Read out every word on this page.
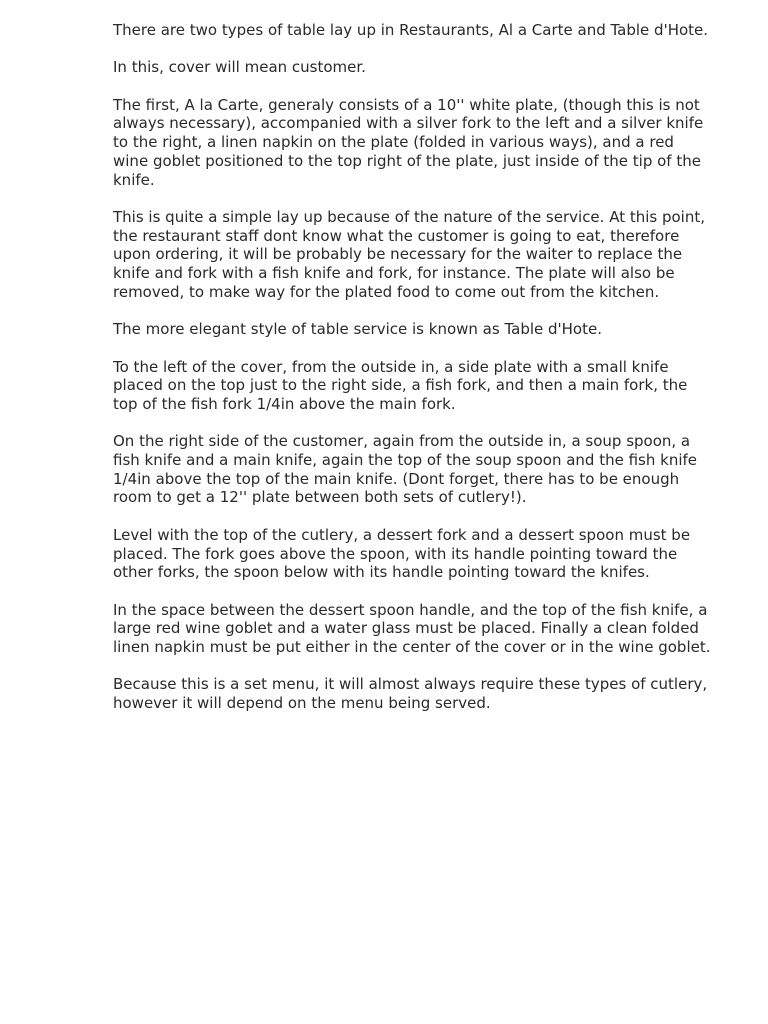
There are two types of table lay up in Restaurants, Al a Carte and Table d'Hote.

In this, cover will mean customer.

The first, A la Carte, generaly consists of a 10'' white plate, (though this is not always necessary), accompanied with a silver fork to the left and a silver knife to the right, a linen napkin on the plate (folded in various ways), and a red wine goblet positioned to the top right of the plate, just inside of the tip of the knife.

This is quite a simple lay up because of the nature of the service. At this point, the restaurant staff dont know what the customer is going to eat, therefore upon ordering, it will be probably be necessary for the waiter to replace the knife and fork with a fish knife and fork, for instance. The plate will also be removed, to make way for the plated food to come out from the kitchen.

The more elegant style of table service is known as Table d'Hote.

To the left of the cover, from the outside in, a side plate with a small knife placed on the top just to the right side, a fish fork, and then a main fork, the top of the fish fork 1/4in above the main fork.

On the right side of the customer, again from the outside in, a soup spoon, a fish knife and a main knife, again the top of the soup spoon and the fish knife 1/4in above the top of the main knife. (Dont forget, there has to be enough room to get a 12'' plate between both sets of cutlery!).

Level with the top of the cutlery, a dessert fork and a dessert spoon must be placed. The fork goes above the spoon, with its handle pointing toward the other forks, the spoon below with its handle pointing toward the knifes.

In the space between the dessert spoon handle, and the top of the fish knife, a large red wine goblet and a water glass must be placed. Finally a clean folded linen napkin must be put either in the center of the cover or in the wine goblet.

Because this is a set menu, it will almost always require these types of cutlery, however it will depend on the menu being served.
